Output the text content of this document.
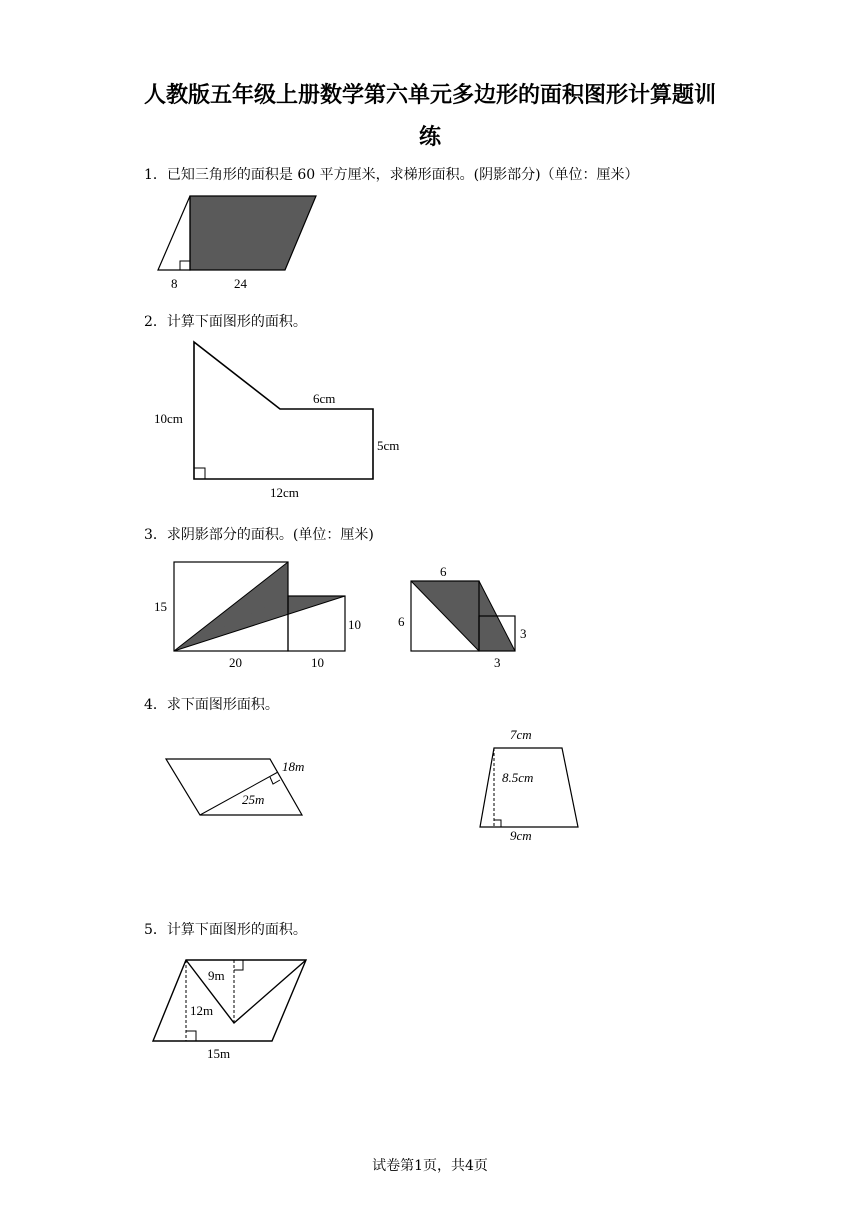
人教版五年级上册数学第六单元多边形的面积图形计算题训
练
1．已知三角形的面积是 60 平方厘米，求梯形面积。(阴影部分)（单位：厘米）
8	24
2．计算下面图形的面积。
6cm
10cm
5cm
12cm
3．求阴影部分的面积。(单位：厘米)
15
10
20	10
6
6
3
3
4．求下面图形面积。
18m
25m
7cm
8.5cm
9cm
5．计算下面图形的面积。
9m
12m
15m
试卷第1页，共4页
